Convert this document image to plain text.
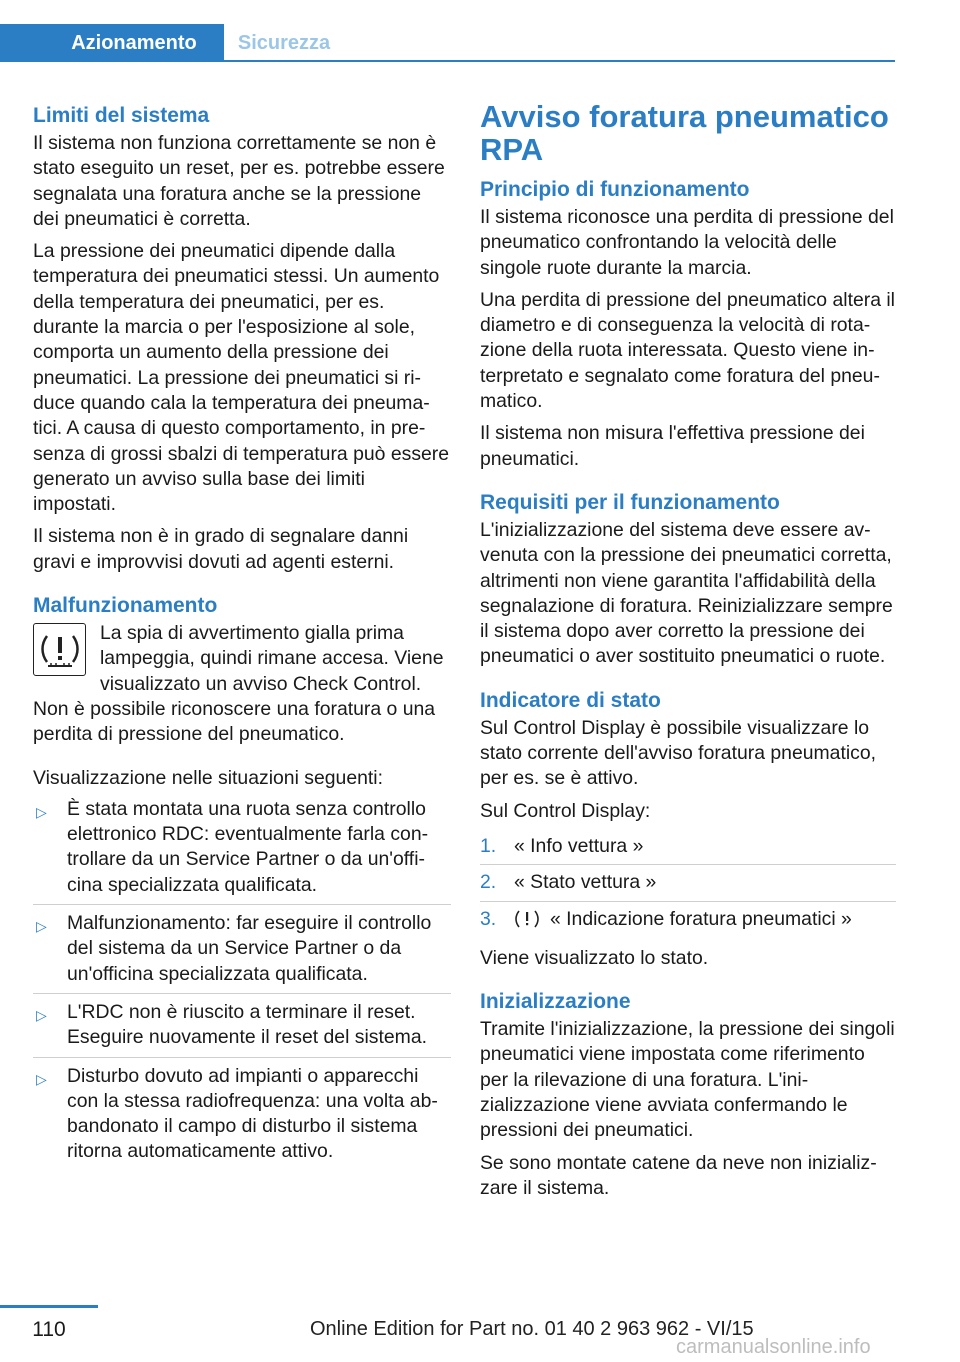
Azionamento Sicurezza
Limiti del sistema

Il sistema non funziona correttamente se non è stato eseguito un reset, per es. potrebbe essere segnalata una foratura anche se la pressione dei pneumatici è corretta.

La pressione dei pneumatici dipende dalla temperatura dei pneumatici stessi. Un aumento della temperatura dei pneumatici, per es. durante la marcia o per l'esposizione al sole, comporta un aumento della pressione dei pneumatici. La pressione dei pneumatici si riduce quando cala la temperatura dei pneumatici. A causa di questo comportamento, in presenza di grossi sbalzi di temperatura può essere generato un avviso sulla base dei limiti impostati.

Il sistema non è in grado di segnalare danni gravi e improvvisi dovuti ad agenti esterni.

Malfunzionamento

La spia di avvertimento gialla prima lampeggia, quindi rimane accesa. Viene visualizzato un avviso Check Control.

Non è possibile riconoscere una foratura o una perdita di pressione del pneumatico.

Visualizzazione nelle situazioni seguenti:

▷ È stata montata una ruota senza controllo elettronico RDC: eventualmente farla controllare da un Service Partner o da un'officina specializzata qualificata.
▷ Malfunzionamento: far eseguire il controllo del sistema da un Service Partner o da un'officina specializzata qualificata.
▷ L'RDC non è riuscito a terminare il reset. Eseguire nuovamente il reset del sistema.
▷ Disturbo dovuto ad impianti o apparecchi con la stessa radiofrequenza: una volta abbandonato il campo di disturbo il sistema ritorna automaticamente attivo.
Avviso foratura pneumatico RPA
Principio di funzionamento

Il sistema riconosce una perdita di pressione del pneumatico confrontando la velocità delle singole ruote durante la marcia.

Una perdita di pressione del pneumatico altera il diametro e di conseguenza la velocità di rotazione della ruota interessata. Questo viene interpretato e segnalato come foratura del pneumatico.

Il sistema non misura l'effettiva pressione dei pneumatici.

Requisiti per il funzionamento

L'inizializzazione del sistema deve essere avvenuta con la pressione dei pneumatici corretta, altrimenti non viene garantita l'affidabilità della segnalazione di foratura. Reinizializzare sempre il sistema dopo aver corretto la pressione dei pneumatici o aver sostituito pneumatici o ruote.

Indicatore di stato

Sul Control Display è possibile visualizzare lo stato corrente dell'avviso foratura pneumatico, per es. se è attivo.

Sul Control Display:

1. « Info vettura »
2. « Stato vettura »
3.	« Indicazione foratura pneumatici »

Viene visualizzato lo stato.

Inizializzazione

Tramite l'inizializzazione, la pressione dei singoli pneumatici viene impostata come riferimento per la rilevazione di una foratura. L'inizializzazione viene avviata confermando le pressioni dei pneumatici.

Se sono montate catene da neve non inizializzare il sistema.

110	Online Edition for Part no. 01 40 2 963 962 - VI/15
carmanualsonline.info
